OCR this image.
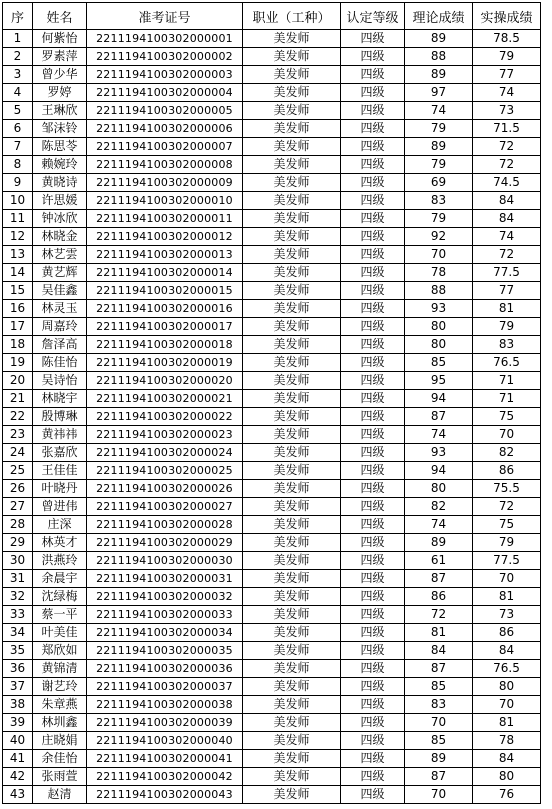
序	姓名	准考证号	职业（工种）	认定等级	理论成绩	实操成绩
1	何紫怡	2211194100302000001	美发师	四级	89	78.5
2	罗素萍	2211194100302000002	美发师	四级	88	79
3	曾少华	2211194100302000003	美发师	四级	89	77
4	罗婷	2211194100302000004	美发师	四级	97	74
5	王琳欣	2211194100302000005	美发师	四级	74	73
6	邹沫铃	2211194100302000006	美发师	四级	79	71.5
7	陈思苓	2211194100302000007	美发师	四级	89	72
8	赖婉玲	2211194100302000008	美发师	四级	79	72
9	黄晓诗	2211194100302000009	美发师	四级	69	74.5
10	许思媛	2211194100302000010	美发师	四级	83	84
11	钟冰欣	2211194100302000011	美发师	四级	79	84
12	林晓金	2211194100302000012	美发师	四级	92	74
13	林艺雲	2211194100302000013	美发师	四级	70	72
14	黄艺辉	2211194100302000014	美发师	四级	78	77.5
15	吴佳鑫	2211194100302000015	美发师	四级	88	77
16	林灵玉	2211194100302000016	美发师	四级	93	81
17	周嘉玲	2211194100302000017	美发师	四级	80	79
18	詹泽高	2211194100302000018	美发师	四级	80	83
19	陈佳怡	2211194100302000019	美发师	四级	85	76.5
20	吴诗怡	2211194100302000020	美发师	四级	95	71
21	林晓宇	2211194100302000021	美发师	四级	94	71
22	殷博琳	2211194100302000022	美发师	四级	87	75
23	黄祎祎	2211194100302000023	美发师	四级	74	70
24	张嘉欣	2211194100302000024	美发师	四级	93	82
25	王佳佳	2211194100302000025	美发师	四级	94	86
26	叶晓丹	2211194100302000026	美发师	四级	80	75.5
27	曾进伟	2211194100302000027	美发师	四级	82	72
28	庄深	2211194100302000028	美发师	四级	74	75
29	林英才	2211194100302000029	美发师	四级	89	79
30	洪燕玲	2211194100302000030	美发师	四级	61	77.5
31	余晨宇	2211194100302000031	美发师	四级	87	70
32	沈绿梅	2211194100302000032	美发师	四级	86	81
33	蔡一平	2211194100302000033	美发师	四级	72	73
34	叶美佳	2211194100302000034	美发师	四级	81	86
35	郑欣如	2211194100302000035	美发师	四级	84	84
36	黄锦清	2211194100302000036	美发师	四级	87	76.5
37	谢艺玲	2211194100302000037	美发师	四级	85	80
38	朱章燕	2211194100302000038	美发师	四级	83	70
39	林圳鑫	2211194100302000039	美发师	四级	70	81
40	庄晓娟	2211194100302000040	美发师	四级	85	78
41	余佳怡	2211194100302000041	美发师	四级	89	84
42	张雨萱	2211194100302000042	美发师	四级	87	80
43	赵清	2211194100302000043	美发师	四级	70	76
